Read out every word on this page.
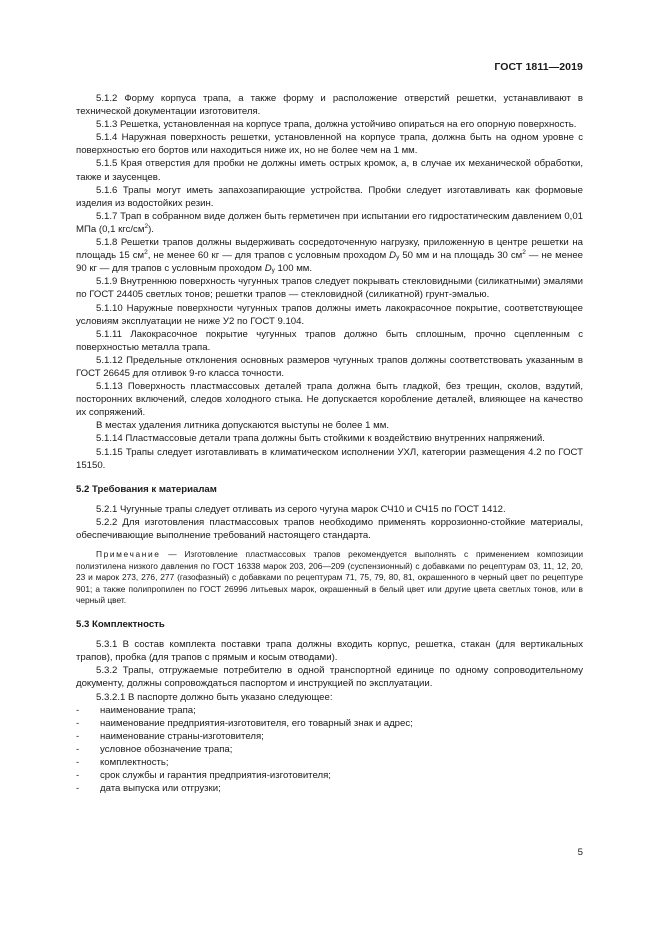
ГОСТ 1811—2019

5.1.2 Форму корпуса трапа, а также форму и расположение отверстий решетки, устанавливают в технической документации изготовителя.

5.1.3 Решетка, установленная на корпусе трапа, должна устойчиво опираться на его опорную поверхность.

5.1.4 Наружная поверхность решетки, установленной на корпусе трапа, должна быть на одном уровне с поверхностью его бортов или находиться ниже их, но не более чем на 1 мм.

5.1.5 Края отверстия для пробки не должны иметь острых кромок, а, в случае их механической обработки, также и заусенцев.

5.1.6 Трапы могут иметь запахозапирающие устройства. Пробки следует изготавливать как формовые изделия из водостойких резин.

5.1.7 Трап в собранном виде должен быть герметичен при испытании его гидростатическим давлением 0,01 МПа (0,1 кгс/$см^2$).

5.1.8 Решетки трапов должны выдерживать сосредоточенную нагрузку, приложенную в центре решетки на площадь 15 $см^2$, не менее 60 кг — для трапов с условным проходом Dy 50 мм и на площадь 30 $см^2$ — не менее 90 кг — для трапов с условным проходом Dy 100 мм.

5.1.9 Внутреннюю поверхность чугунных трапов следует покрывать стекловидными (силикатными) эмалями по ГОСТ 24405 светлых тонов; решетки трапов — стекловидной (силикатной) грунт-эмалью.

5.1.10 Наружные поверхности чугунных трапов должны иметь лакокрасочное покрытие, соответствующее условиям эксплуатации не ниже У2 по ГОСТ 9.104.

5.1.11 Лакокрасочное покрытие чугунных трапов должно быть сплошным, прочно сцепленным с поверхностью металла трапа.

5.1.12 Предельные отклонения основных размеров чугунных трапов должны соответствовать указанным в ГОСТ 26645 для отливок 9-го класса точности.

5.1.13 Поверхность пластмассовых деталей трапа должна быть гладкой, без трещин, сколов, вздутий, посторонних включений, следов холодного стыка. Не допускается коробление деталей, влияющее на качество их сопряжений.

В местах удаления литника допускаются выступы не более 1 мм.

5.1.14 Пластмассовые детали трапа должны быть стойкими к воздействию внутренних напряжений.

5.1.15 Трапы следует изготавливать в климатическом исполнении УХЛ, категории размещения 4.2 по ГОСТ 15150.

5.2 Требования к материалам

5.2.1 Чугунные трапы следует отливать из серого чугуна марок СЧ10 и СЧ15 по ГОСТ 1412.

5.2.2 Для изготовления пластмассовых трапов необходимо применять коррозионно-стойкие материалы, обеспечивающие выполнение требований настоящего стандарта.

Примечание — Изготовление пластмассовых трапов рекомендуется выполнять с применением композиции полиэтилена низкого давления по ГОСТ 16338 марок 203, 206—209 (суспензионный) с добавками по рецептурам 03, 11, 12, 20, 23 и марок 273, 276, 277 (газофазный) с добавками по рецептурам 71, 75, 79, 80, 81, окрашенного в черный цвет по рецептуре 901; а также полипропилен по ГОСТ 26996 литьевых марок, окрашенный в белый цвет или другие цвета светлых тонов, или в черный цвет.

5.3 Комплектность

5.3.1 В состав комплекта поставки трапа должны входить корпус, решетка, стакан (для вертикальных трапов), пробка (для трапов с прямым и косым отводами).

5.3.2 Трапы, отгружаемые потребителю в одной транспортной единице по одному сопроводительному документу, должны сопровождаться паспортом и инструкцией по эксплуатации.

5.3.2.1 В паспорте должно быть указано следующее:

-	наименование трапа;
-	наименование предприятия-изготовителя, его товарный знак и адрес;
-	наименование страны-изготовителя;
-	условное обозначение трапа;
-	комплектность;
-	срок службы и гарантия предприятия-изготовителя;
-	дата выпуска или отгрузки;
5
